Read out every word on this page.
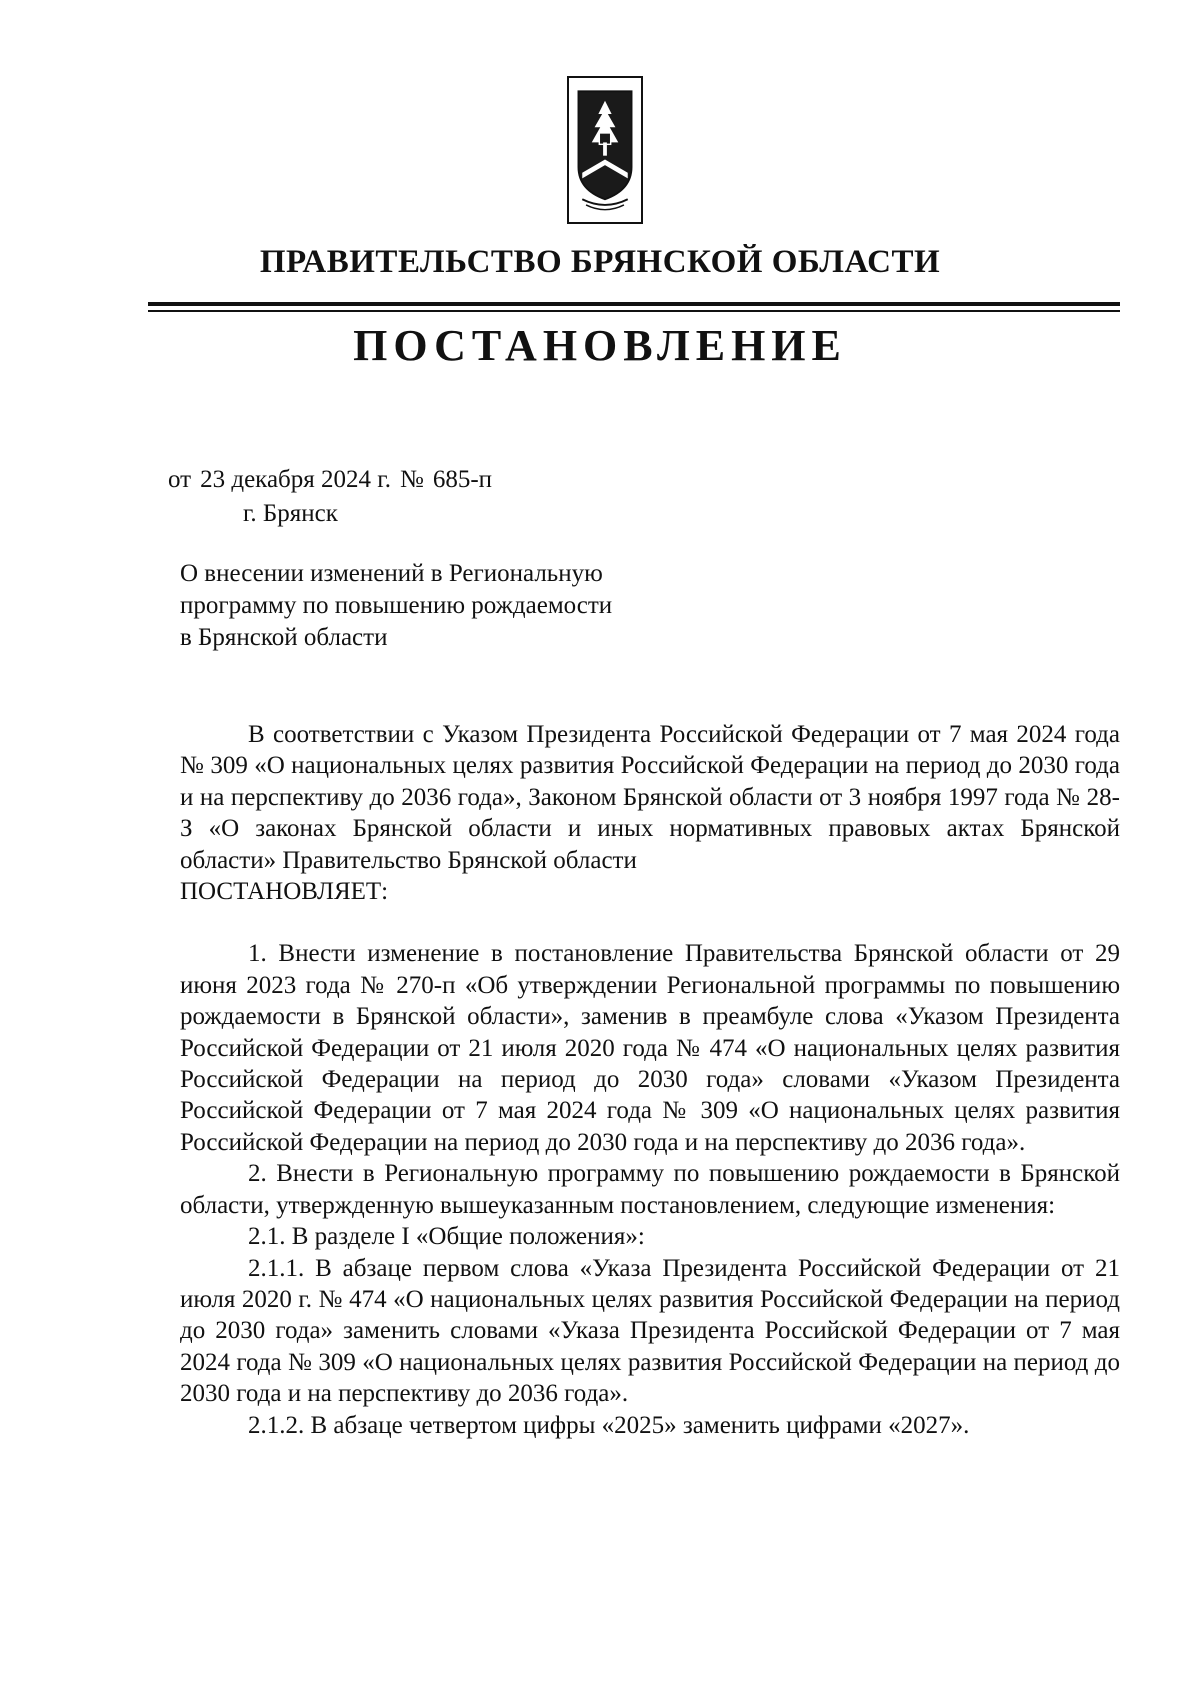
ПРАВИТЕЛЬСТВО БРЯНСКОЙ ОБЛАСТИ
ПОСТАНОВЛЕНИЕ
от 23 декабря 2024 г. № 685-п
г. Брянск
О внесении изменений в Региональную
программу по повышению рождаемости
в Брянской области

В соответствии с Указом Президента Российской Федерации от 7 мая 2024 года № 309 «О национальных целях развития Российской Федерации на период до 2030 года и на перспективу до 2036 года», Законом Брянской области от 3 ноября 1997 года № 28-З «О законах Брянской области и иных нормативных правовых актах Брянской области» Правительство Брянской области

ПОСТАНОВЛЯЕТ:

1. Внести изменение в постановление Правительства Брянской области от 29 июня 2023 года № 270-п «Об утверждении Региональной программы по повышению рождаемости в Брянской области», заменив в преамбуле слова «Указом Президента Российской Федерации от 21 июля 2020 года № 474 «О национальных целях развития Российской Федерации на период до 2030 года» словами «Указом Президента Российской Федерации от 7 мая 2024 года № 309 «О национальных целях развития Российской Федерации на период до 2030 года и на перспективу до 2036 года».

2. Внести в Региональную программу по повышению рождаемости в Брянской области, утвержденную вышеуказанным постановлением, следующие изменения:

2.1. В разделе I «Общие положения»:

2.1.1. В абзаце первом слова «Указа Президента Российской Федерации от 21 июля 2020 г. № 474 «О национальных целях развития Российской Федерации на период до 2030 года» заменить словами «Указа Президента Российской Федерации от 7 мая 2024 года № 309 «О национальных целях развития Российской Федерации на период до 2030 года и на перспективу до 2036 года».

2.1.2. В абзаце четвертом цифры «2025» заменить цифрами «2027».
